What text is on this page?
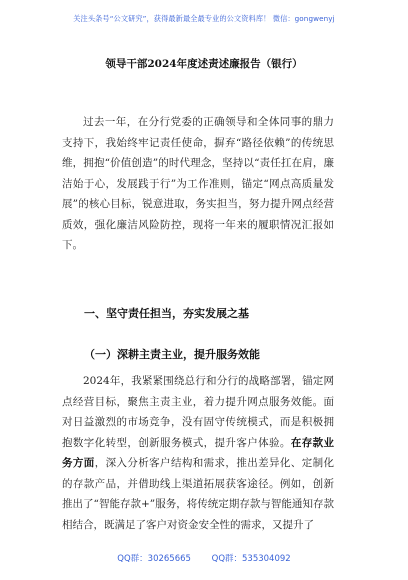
关注头条号“公文研究”，获得最新最全最专业的公文资料库！ 微信：gongwenyj
领导干部2024年度述责述廉报告（银行）

过去一年，在分行党委的正确领导和全体同事的鼎力支持下，我始终牢记责任使命，摒弃“路径依赖”的传统思维，拥抱“价值创造”的时代理念，坚持以“责任扛在肩，廉洁始于心，发展践于行”为工作准则，锚定“网点高质量发展”的核心目标，锐意进取，务实担当，努力提升网点经营质效，强化廉洁风险防控，现将一年来的履职情况汇报如下。

一、坚守责任担当，夯实发展之基
（一）深耕主责主业，提升服务效能

2024年，我紧紧围绕总行和分行的战略部署，锚定网点经营目标，聚焦主责主业，着力提升网点服务效能。面对日益激烈的市场竞争，没有固守传统模式，而是积极拥抱数字化转型，创新服务模式，提升客户体验。在存款业务方面，深入分析客户结构和需求，推出差异化、定制化的存款产品，并借助线上渠道拓展获客途径。例如，创新推出了“智能存款+”服务，将传统定期存款与智能通知存款相结合，既满足了客户对资金安全性的需求，又提升了

QQ群：30265665 QQ群：535304092
